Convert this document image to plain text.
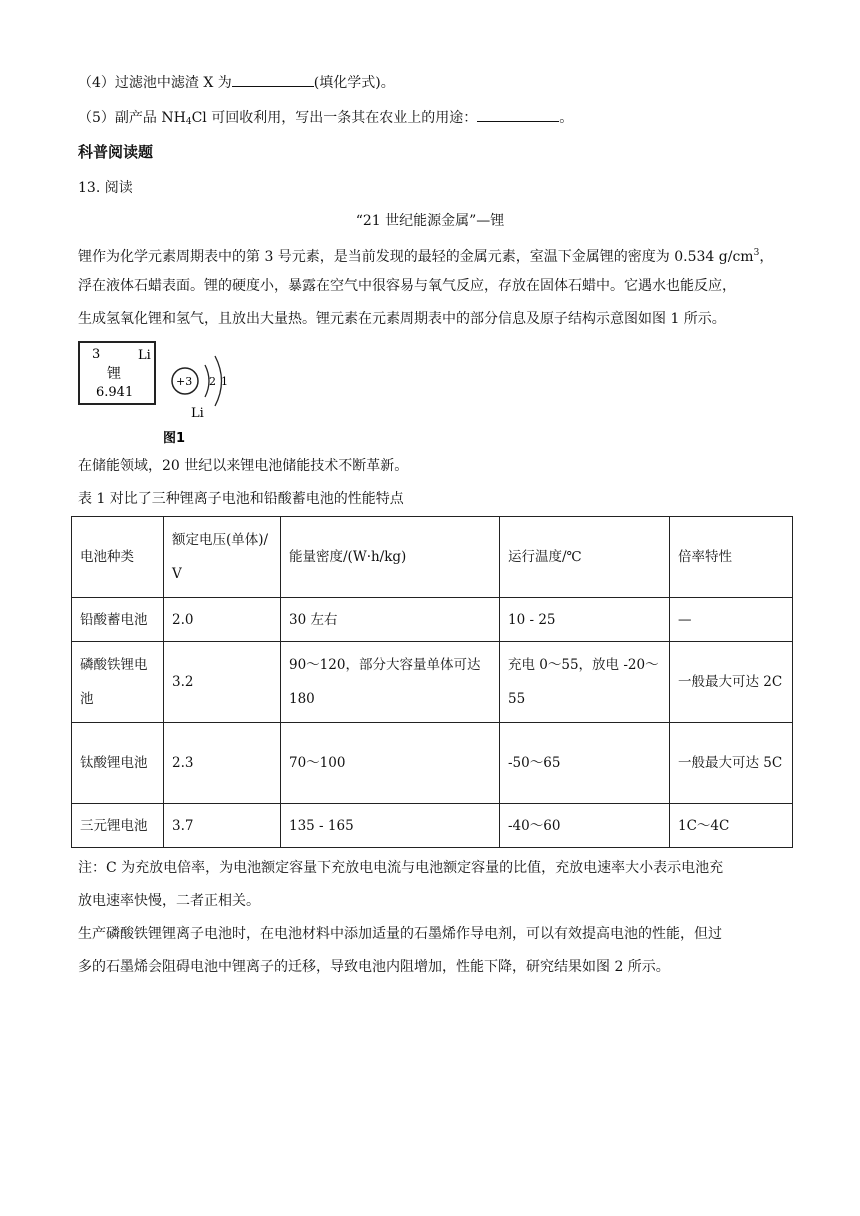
（4）过滤池中滤渣 X 为	(填化学式)。
（5）副产品 $NH_4Cl$ 可回收利用，写出一条其在农业上的用途：	。
科普阅读题
13. 阅读
“21 世纪能源金属”—锂
锂作为化学元素周期表中的第 3 号元素，是当前发现的最轻的金属元素，室温下金属锂的密度为 0.534 $g/cm^3$，
浮在液体石蜡表面。锂的硬度小，暴露在空气中很容易与氧气反应，存放在固体石蜡中。它遇水也能反应，
生成氢氧化锂和氢气，且放出大量热。锂元素在元素周期表中的部分信息及原子结构示意图如图 1 所示。
3	Li
锂
6.941
+3 2 1
Li
图1
在储能领域，20 世纪以来锂电池储能技术不断革新。
表 1 对比了三种锂离子电池和铅酸蓄电池的性能特点
电池种类	额定电压(单体)/V	能量密度/(W·h/kg)	运行温度/℃	倍率特性
铅酸蓄电池	2.0	30 左右	10 - 25	—
磷酸铁锂电池	3.2	90～120，部分大容量单体可达 180	充电 0～55，放电 -20～55	一般最大可达 2C
钛酸锂电池	2.3	70～100	-50～65	一般最大可达 5C
三元锂电池	3.7	135 - 165	-40～60	1C～4C
注：C 为充放电倍率，为电池额定容量下充放电电流与电池额定容量的比值，充放电速率大小表示电池充
放电速率快慢，二者正相关。
生产磷酸铁锂锂离子电池时，在电池材料中添加适量的石墨烯作导电剂，可以有效提高电池的性能，但过
多的石墨烯会阻碍电池中锂离子的迁移，导致电池内阻增加，性能下降，研究结果如图 2 所示。
